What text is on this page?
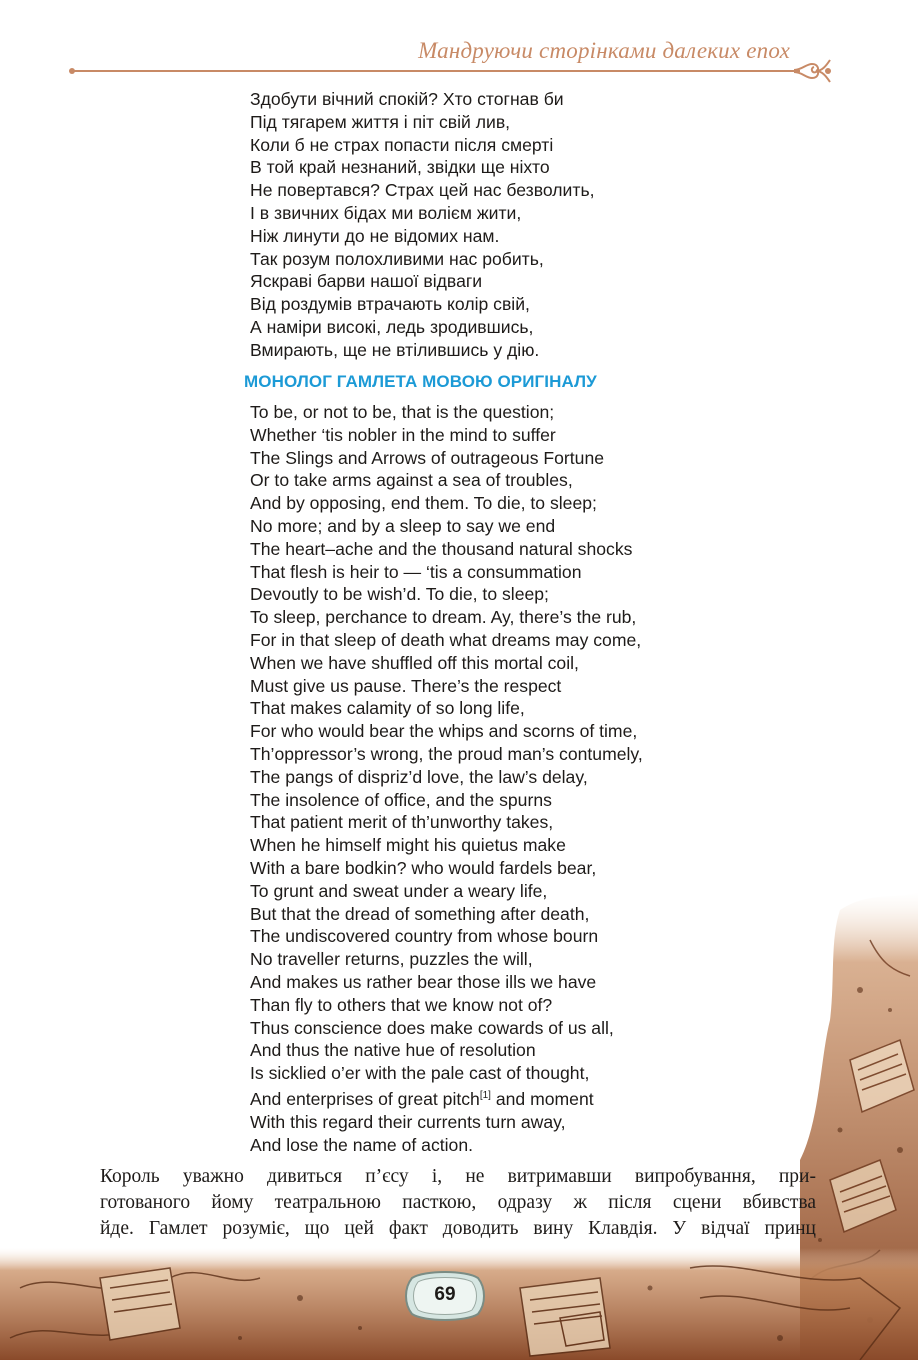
Мандруючи сторінками далеких епох
Здобути вічний спокій? Хто стогнав би
Під тягарем життя і піт свій лив,
Коли б не страх попасти після смерті
В той край незнаний, звідки ще ніхто
Не повертався? Страх цей нас безволить,
І в звичних бідах ми волієм жити,
Ніж линути до не відомих нам.
Так розум полохливими нас робить,
Яскраві барви нашої відваги
Від роздумів втрачають колір свій,
А наміри високі, ледь зродившись,
Вмирають, ще не втілившись у дію.
МОНОЛОГ ГАМЛЕТА МОВОЮ ОРИГІНАЛУ
To be, or not to be, that is the question;
Whether ‘tis nobler in the mind to suffer
The Slings and Arrows of outrageous Fortune
Or to take arms against a sea of troubles,
And by opposing, end them. To die, to sleep;
No more; and by a sleep to say we end
The heart–ache and the thousand natural shocks
That flesh is heir to — ‘tis a consummation
Devoutly to be wish’d. To die, to sleep;
To sleep, perchance to dream. Ay, there’s the rub,
For in that sleep of death what dreams may come,
When we have shuffled off this mortal coil,
Must give us pause. There’s the respect
That makes calamity of so long life,
For who would bear the whips and scorns of time,
Th’oppressor’s wrong, the proud man’s contumely,
The pangs of dispriz’d love, the law’s delay,
The insolence of office, and the spurns
That patient merit of th’unworthy takes,
When he himself might his quietus make
With a bare bodkin? who would fardels bear,
To grunt and sweat under a weary life,
But that the dread of something after death,
The undiscovered country from whose bourn
No traveller returns, puzzles the will,
And makes us rather bear those ills we have
Than fly to others that we know not of?
Thus conscience does make cowards of us all,
And thus the native hue of resolution
Is sicklied o’er with the pale cast of thought,
And enterprises of great pitch[1] and moment
With this regard their currents turn away,
And lose the name of action.
Король уважно дивиться п’єсу і, не витримавши випробування, при-
готованого йому театральною пасткою, одразу ж після сцени вбивства
йде. Гамлет розуміє, що цей факт доводить вину Клавдія. У відчаї принц
69
